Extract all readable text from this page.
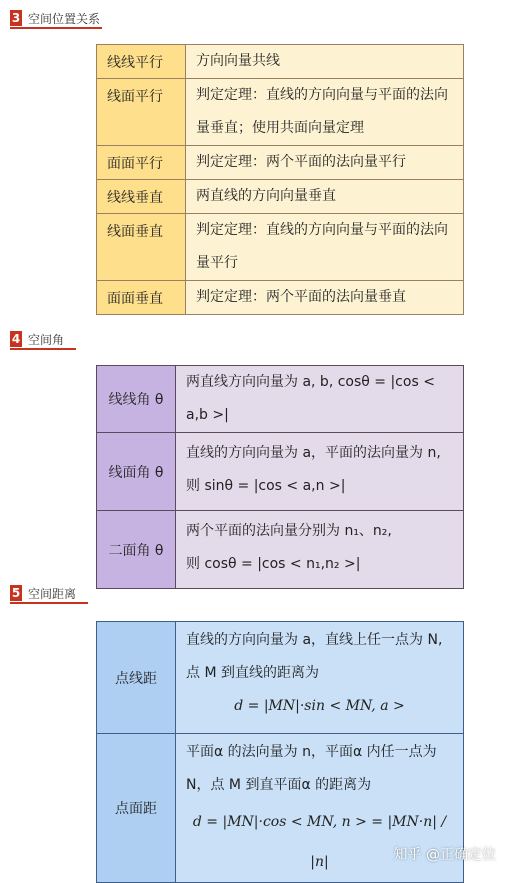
3 空间位置关系
线线平行	方向向量共线
线面平行	判定定理：直线的方向向量与平面的法向量垂直；使用共面向量定理
面面平行	判定定理：两个平面的法向量平行
线线垂直	两直线的方向向量垂直
线面垂直	判定定理：直线的方向向量与平面的法向量平行
面面垂直	判定定理：两个平面的法向量垂直
4 空间角
线线角 θ	两直线方向向量为 a, b, cosθ = |cos < a,b >|

线面角 θ	直线的方向向量为 a，平面的法向量为 n,
则 sinθ = |cos < a,n >|

二面角 θ	两个平面的法向量分别为 n₁、n₂,
则 cosθ = |cos < n₁,n₂ >|
5 空间距离
点线距	直线的方向向量为 a，直线上任一点为 N,
点 M 到直线的距离为
d = |MN|·sin < MN, a >

点面距	平面α 的法向量为 n，平面α 内任一点为
N，点 M 到直平面α 的距离为
d = |MN|·cos < MN, n > = |MN·n| / |n|	知乎 @正确定位
